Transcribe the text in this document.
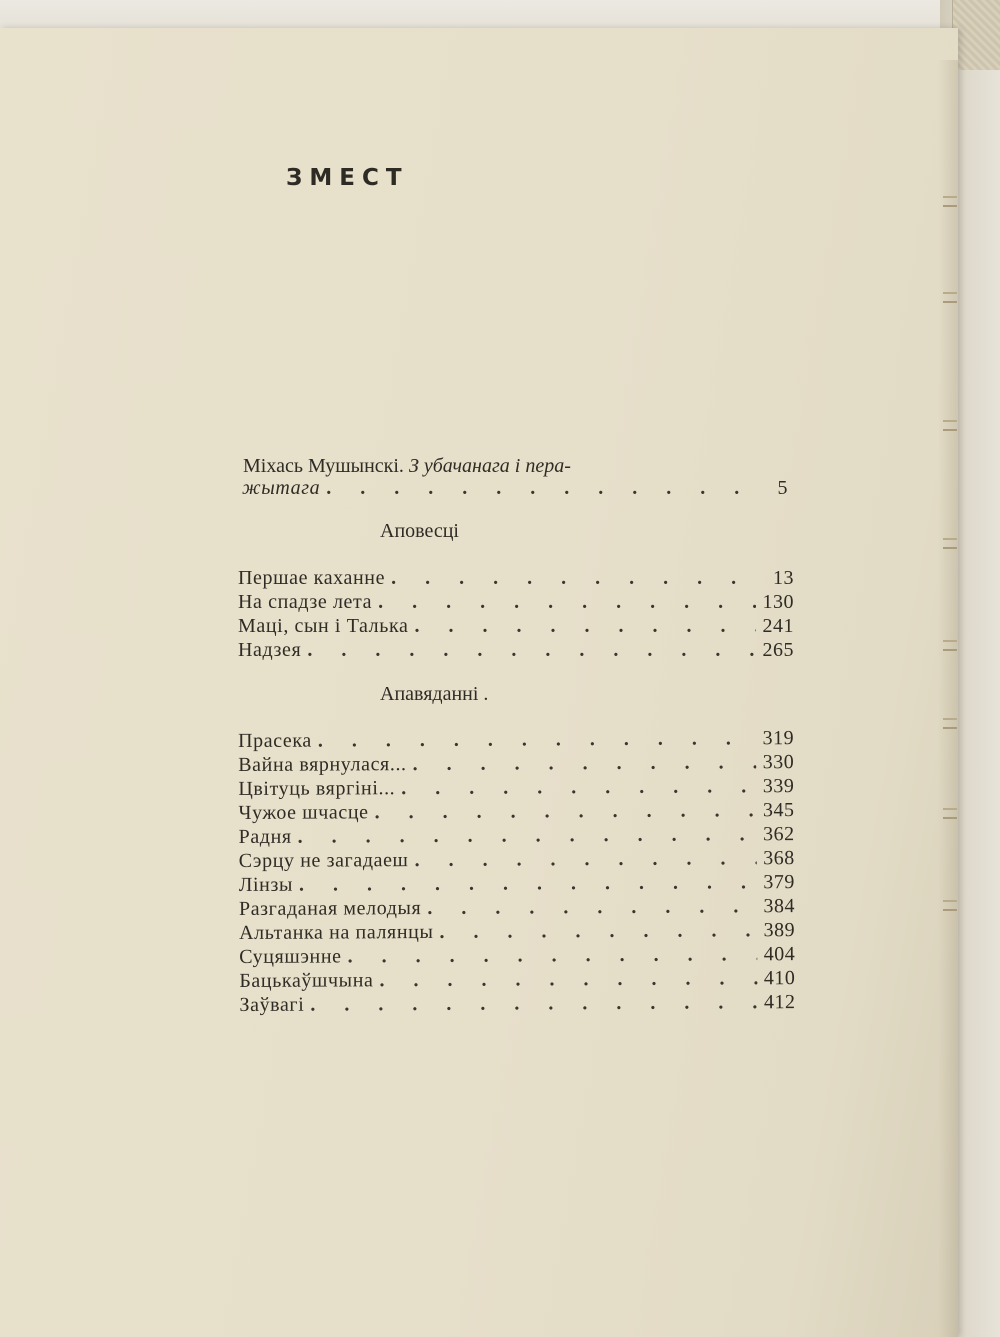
ЗМЕСТ
Міхась Мушынскі. З убачанага і пера-
жытага . . .	5
Аповесці
Першае каханне . . .	13
На спадзе лета . . .	130
Маці, сын і Талька . . .	241
Надзея . . .	265
Апавяданні .
Прасека . . .	319
Вайна вярнулася... . . .	330
Цвітуць вяргіні... . . .	339
Чужое шчасце . . .	345
Радня . . .	362
Сэрцу не загадаеш . . .	368
Лінзы . . .	379
Разгаданая мелодыя . . .	384
Альтанка на палянцы . . .	389
Суцяшэнне . . .	404
Бацькаўшчына . . .	410
Заўвагі . . .	412
